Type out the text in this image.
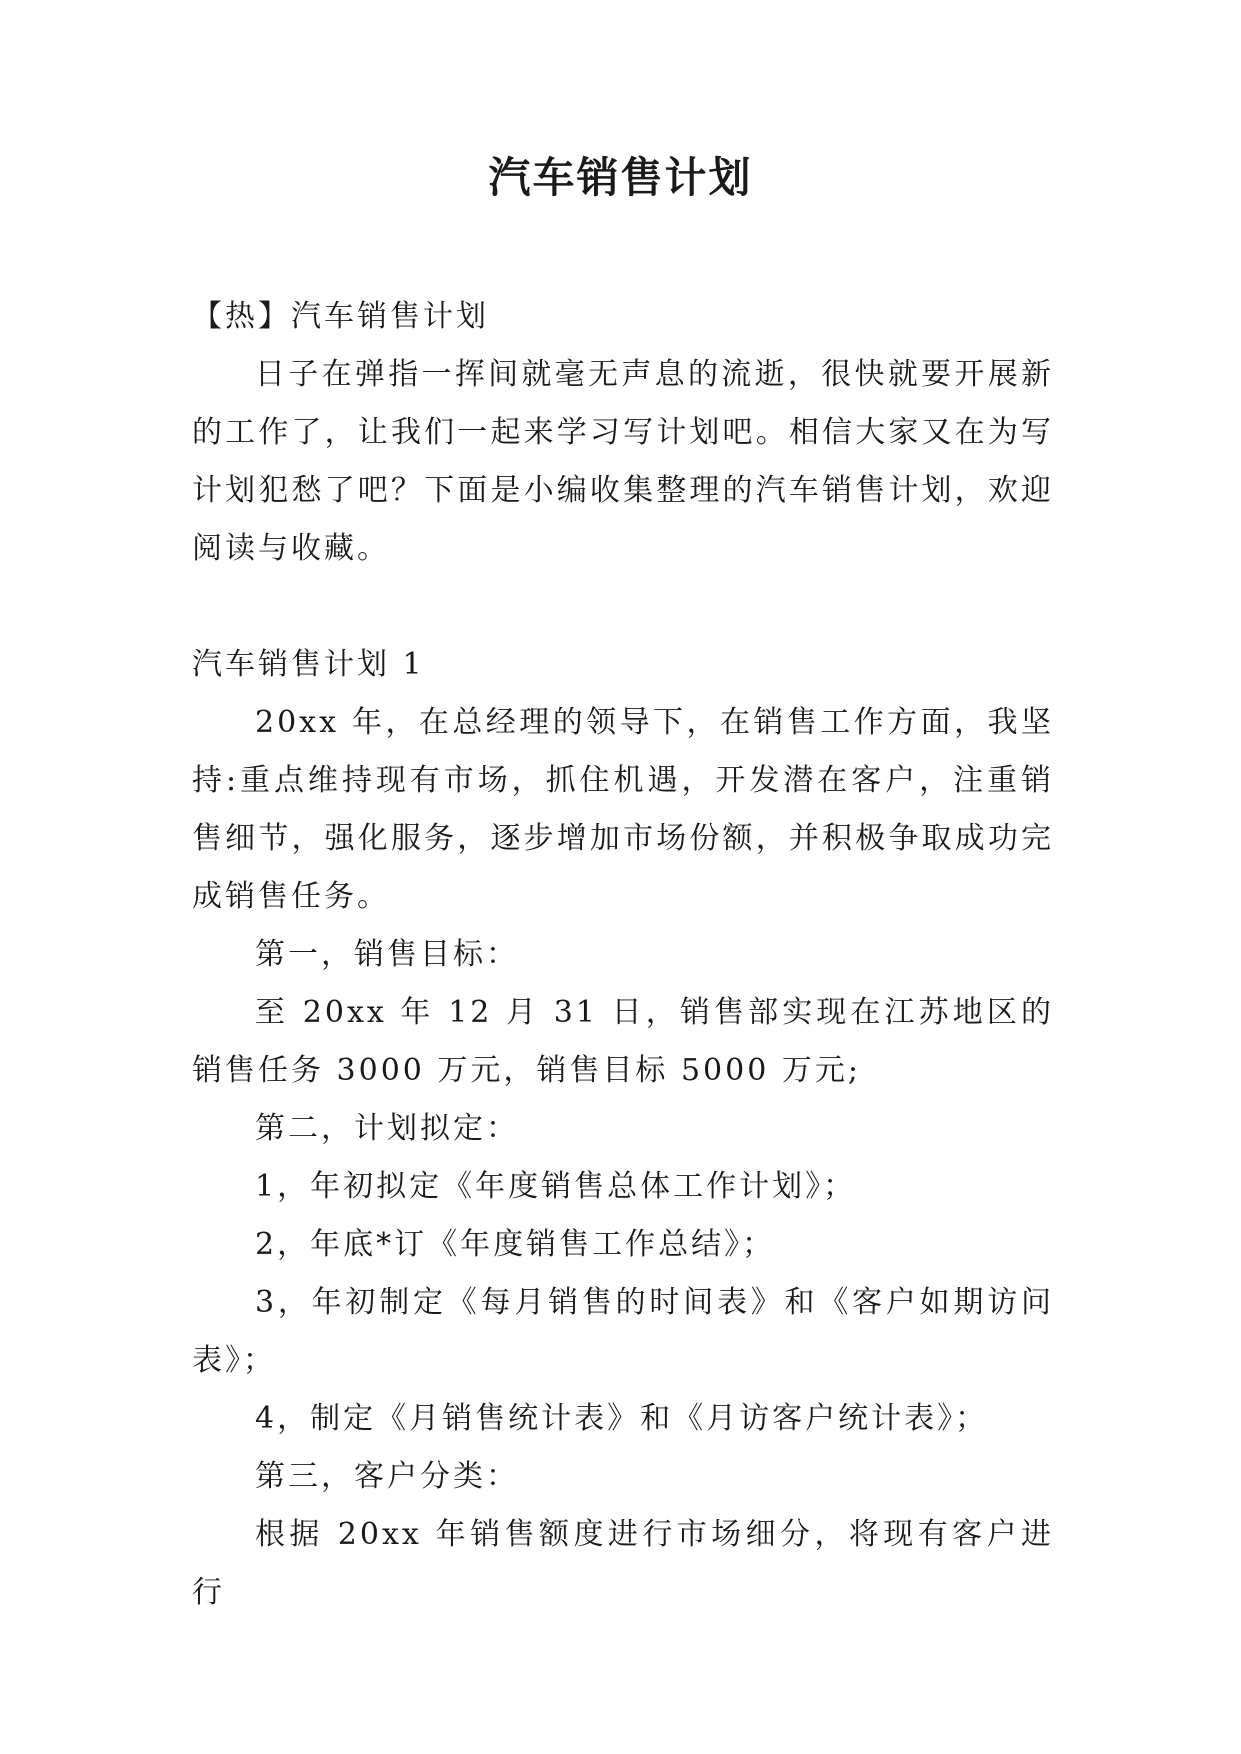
汽车销售计划

【热】汽车销售计划

日子在弹指一挥间就毫无声息的流逝，很快就要开展新的工作了，让我们一起来学习写计划吧。相信大家又在为写计划犯愁了吧？下面是小编收集整理的汽车销售计划，欢迎阅读与收藏。

汽车销售计划 1

20xx 年，在总经理的领导下，在销售工作方面，我坚持:重点维持现有市场，抓住机遇，开发潜在客户，注重销售细节，强化服务，逐步增加市场份额，并积极争取成功完成销售任务。

第一，销售目标：

至 20xx 年 12 月 31 日，销售部实现在江苏地区的销售任务 3000 万元，销售目标 5000 万元;

第二，计划拟定：

1，年初拟定《年度销售总体工作计划》；

2，年底*订《年度销售工作总结》；

3，年初制定《每月销售的时间表》和《客户如期访问表》；

4，制定《月销售统计表》和《月访客户统计表》；

第三，客户分类：

根据 20xx 年销售额度进行市场细分，将现有客户进行
